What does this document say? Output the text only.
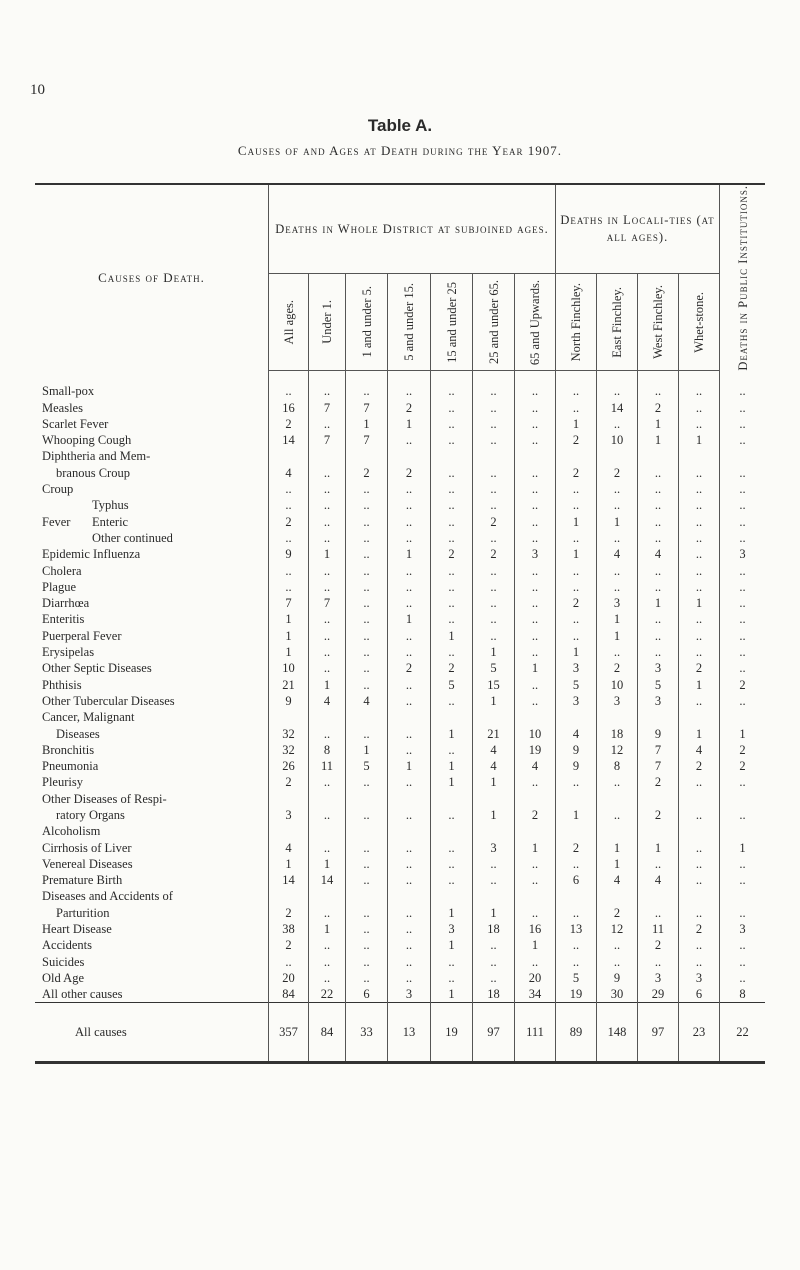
10
Table A.
Causes of and Ages at Death during the Year 1907.
Causes of Death.	Deaths in Whole District at subjoined ages.							Deaths in Locali-ties (at all ages).				Deaths in Public Institutions.

	All ages.	Under 1.	1 and under 5.	5 and under 15.	15 and under 25	25 and under 65.	65 and Upwards.	North Finchley.	East Finchley.	West Finchley.	Whet-stone.	

Small-pox	..	..	..	..	..	..	..	..	..	..	..	..
Measles	16	7	7	2	..	..	..	..	14	2	..	..
Scarlet Fever	2	..	1	1	..	..	..	1	..	1	..	..
Whooping Cough	14	7	7	..	..	..	..	2	10	1	1	..
Diphtheria and Mem-												
branous Croup	4	..	2	2	..	..	..	2	2	..	..	..
Croup	..	..	..	..	..	..	..	..	..	..	..	..

Typhus	..	..	..	..	..	..	..	..	..	..	..	..

Fever Enteric	2	..	..	..	..	2	..	1	1	..	..	..

Other continued	..	..	..	..	..	..	..	..	..	..	..	..
Epidemic Influenza	9	1	..	1	2	2	3	1	4	4	..	3
Cholera	..	..	..	..	..	..	..	..	..	..	..	..
Plague	..	..	..	..	..	..	..	..	..	..	..	..
Diarrhœa	7	7	..	..	..	..	..	2	3	1	1	..
Enteritis	1	..	..	1	..	..	..	..	1	..	..	..
Puerperal Fever	1	..	..	..	1	..	..	..	1	..	..	..
Erysipelas	1	..	..	..	..	1	..	1	..	..	..	..
Other Septic Diseases	10	..	..	2	2	5	1	3	2	3	2	..
Phthisis	21	1	..	..	5	15	..	5	10	5	1	2
Other Tubercular Diseases	9	4	4	..	..	1	..	3	3	3	..	..
Cancer, Malignant												
Diseases	32	..	..	..	1	21	10	4	18	9	1	1
Bronchitis	32	8	1	..	..	4	19	9	12	7	4	2
Pneumonia	26	11	5	1	1	4	4	9	8	7	2	2
Pleurisy	2	..	..	..	1	1	..	..	..	2	..	..
Other Diseases of Respi-												
ratory Organs	3	..	..	..	..	1	2	1	..	2	..	..
Alcoholism												
Cirrhosis of Liver	4	..	..	..	..	3	1	2	1	1	..	1
Venereal Diseases	1	1	..	..	..	..	..	..	1	..	..	..
Premature Birth	14	14	..	..	..	..	..	6	4	4	..	..
Diseases and Accidents of												
Parturition	2	..	..	..	1	1	..	..	2	..	..	..
Heart Disease	38	1	..	..	3	18	16	13	12	11	2	3
Accidents	2	..	..	..	1	..	1	..	..	2	..	..
Suicides	..	..	..	..	..	..	..	..	..	..	..	..
Old Age	20	..	..	..	..	..	20	5	9	3	3	..
All other causes	84	22	6	3	1	18	34	19	30	29	6	8
All causes	357	84	33	13	19	97	111	89	148	97	23	22
